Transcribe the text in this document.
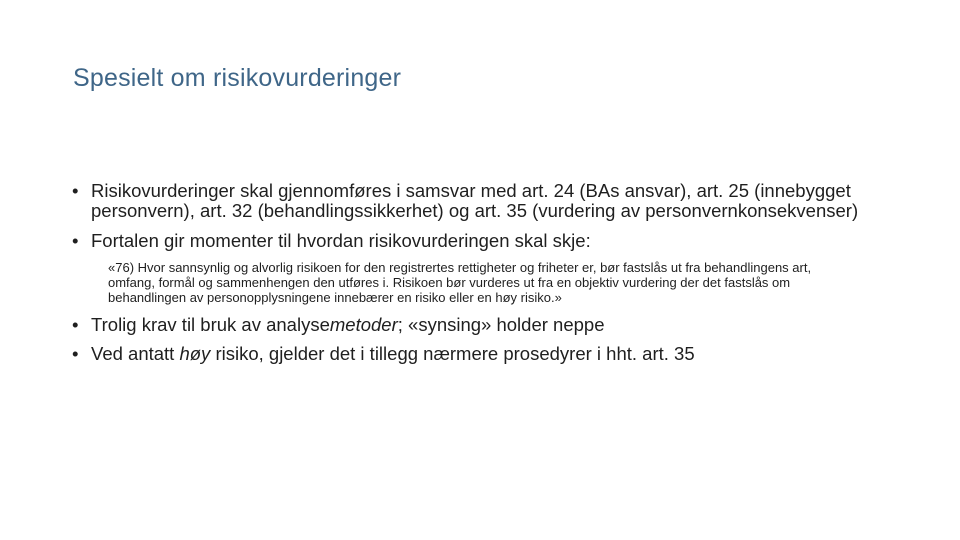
Spesielt om risikovurderinger

• Risikovurderinger skal gjennomføres i samsvar med art. 24 (BAs ansvar), art. 25 (innebygget personvern), art. 32 (behandlingssikkerhet) og art. 35 (vurdering av personvernkonsekvenser)

• Fortalen gir momenter til hvordan risikovurderingen skal skje:

«76) Hvor sannsynlig og alvorlig risikoen for den registrertes rettigheter og friheter er, bør fastslås ut fra behandlingens art, omfang, formål og sammenhengen den utføres i. Risikoen bør vurderes ut fra en objektiv vurdering der det fastslås om behandlingen av personopplysningene innebærer en risiko eller en høy risiko.»

• Trolig krav til bruk av analysemetoder; «synsing» holder neppe

• Ved antatt høy risiko, gjelder det i tillegg nærmere prosedyrer i hht. art. 35
